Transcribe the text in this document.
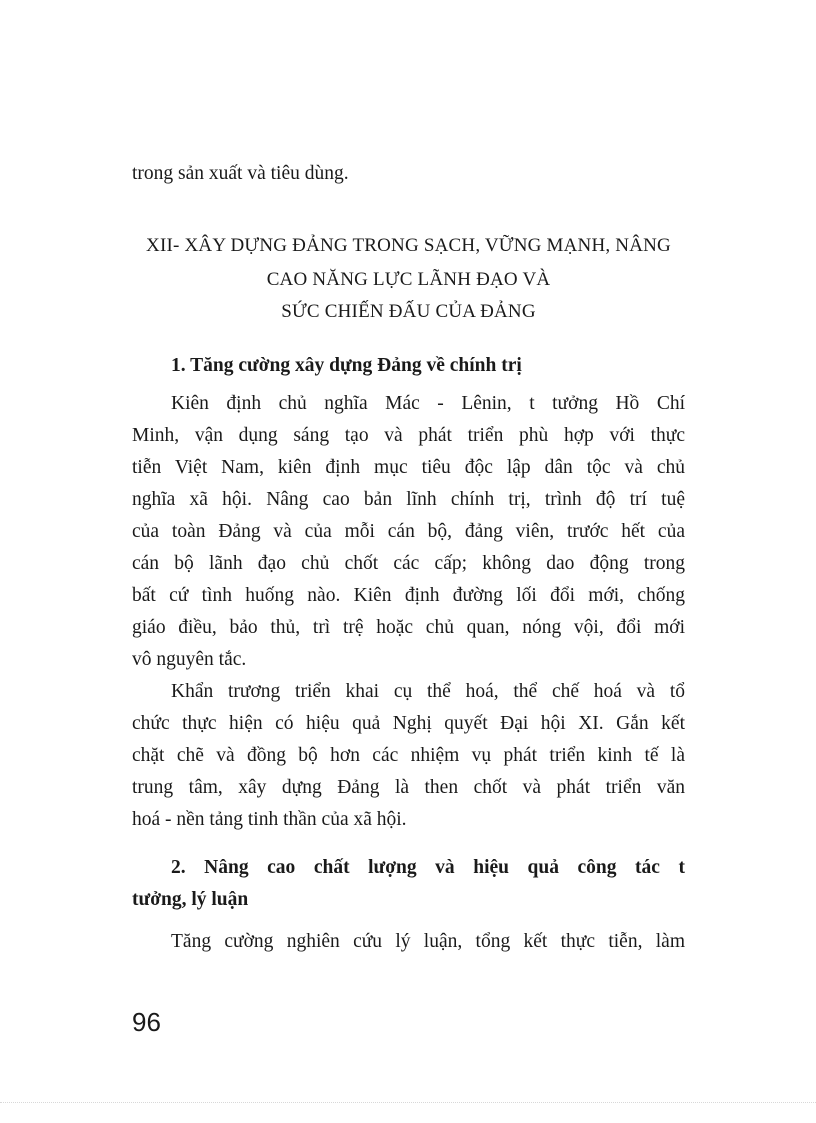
trong sản xuất và tiêu dùng.
XII- XÂY DỰNG ĐẢNG TRONG SẠCH, VỮNG MẠNH, NÂNG
CAO NĂNG LỰC LÃNH ĐẠO VÀ
SỨC CHIẾN ĐẤU CỦA ĐẢNG
1. Tăng cường xây dựng Đảng về chính trị
Kiên định chủ nghĩa Mác - Lênin, t tưởng Hồ Chí
Minh, vận dụng sáng tạo và phát triển phù hợp với thực
tiễn Việt Nam, kiên định mục tiêu độc lập dân tộc và chủ
nghĩa xã hội. Nâng cao bản lĩnh chính trị, trình độ trí tuệ
của toàn Đảng và của mỗi cán bộ, đảng viên, trước hết của
cán bộ lãnh đạo chủ chốt các cấp; không dao động trong
bất cứ tình huống nào. Kiên định đường lối đổi mới, chống
giáo điều, bảo thủ, trì trệ hoặc chủ quan, nóng vội, đổi mới
vô nguyên tắc.
Khẩn trương triển khai cụ thể hoá, thể chế hoá và tổ
chức thực hiện có hiệu quả Nghị quyết Đại hội XI. Gắn kết
chặt chẽ và đồng bộ hơn các nhiệm vụ phát triển kinh tế là
trung tâm, xây dựng Đảng là then chốt và phát triển văn
hoá - nền tảng tinh thần của xã hội.
2. Nâng cao chất lượng và hiệu quả công tác t
tưởng, lý luận
Tăng cường nghiên cứu lý luận, tổng kết thực tiễn, làm
96
